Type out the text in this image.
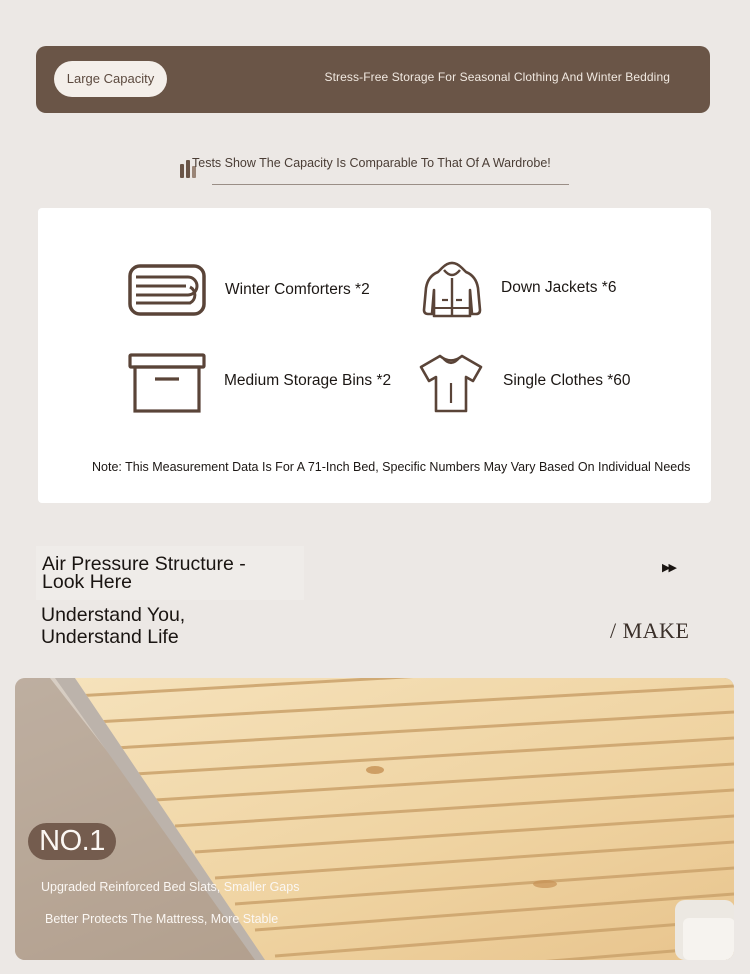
Large Capacity	Stress-Free Storage For Seasonal Clothing And Winter Bedding
Tests Show The Capacity Is Comparable To That Of A Wardrobe!
Winter Comforters *2	Down Jackets *6
Medium Storage Bins *2	Single Clothes *60
Note: This Measurement Data Is For A 71-Inch Bed, Specific Numbers May Vary Based On Individual Needs
Air Pressure Structure -
Look Here
Understand You,
Understand Life
▶▶
/ MAKE
NO.1
Upgraded Reinforced Bed Slats, Smaller Gaps
Better Protects The Mattress, More Stable
